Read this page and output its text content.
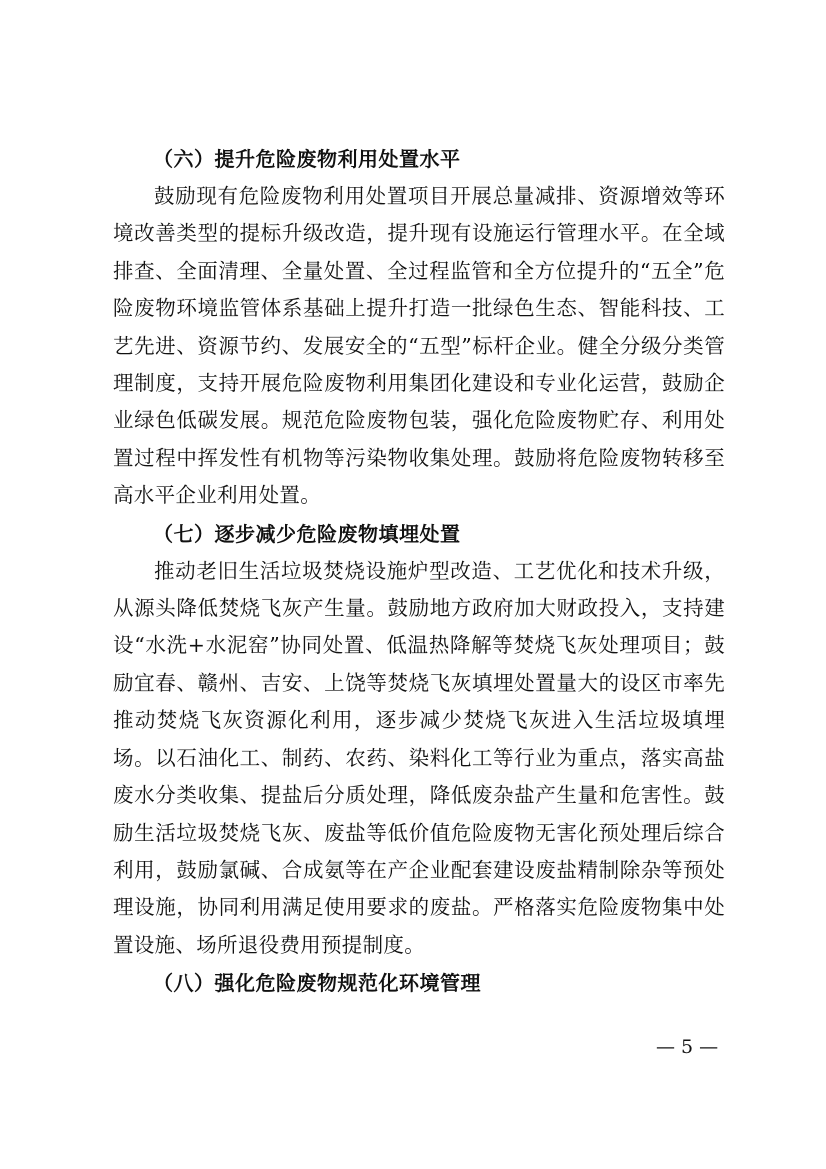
（六）提升危险废物利用处置水平

鼓励现有危险废物利用处置项目开展总量减排、资源增效等环境改善类型的提标升级改造，提升现有设施运行管理水平。在全域排查、全面清理、全量处置、全过程监管和全方位提升的“五全”危险废物环境监管体系基础上提升打造一批绿色生态、智能科技、工艺先进、资源节约、发展安全的“五型”标杆企业。健全分级分类管理制度，支持开展危险废物利用集团化建设和专业化运营，鼓励企业绿色低碳发展。规范危险废物包装，强化危险废物贮存、利用处置过程中挥发性有机物等污染物收集处理。鼓励将危险废物转移至高水平企业利用处置。

（七）逐步减少危险废物填埋处置

推动老旧生活垃圾焚烧设施炉型改造、工艺优化和技术升级，从源头降低焚烧飞灰产生量。鼓励地方政府加大财政投入，支持建设“水洗+水泥窑”协同处置、低温热降解等焚烧飞灰处理项目；鼓励宜春、赣州、吉安、上饶等焚烧飞灰填埋处置量大的设区市率先推动焚烧飞灰资源化利用，逐步减少焚烧飞灰进入生活垃圾填埋场。以石油化工、制药、农药、染料化工等行业为重点，落实高盐废水分类收集、提盐后分质处理，降低废杂盐产生量和危害性。鼓励生活垃圾焚烧飞灰、废盐等低价值危险废物无害化预处理后综合利用，鼓励氯碱、合成氨等在产企业配套建设废盐精制除杂等预处理设施，协同利用满足使用要求的废盐。严格落实危险废物集中处置设施、场所退役费用预提制度。

（八）强化危险废物规范化环境管理
— 5 —
